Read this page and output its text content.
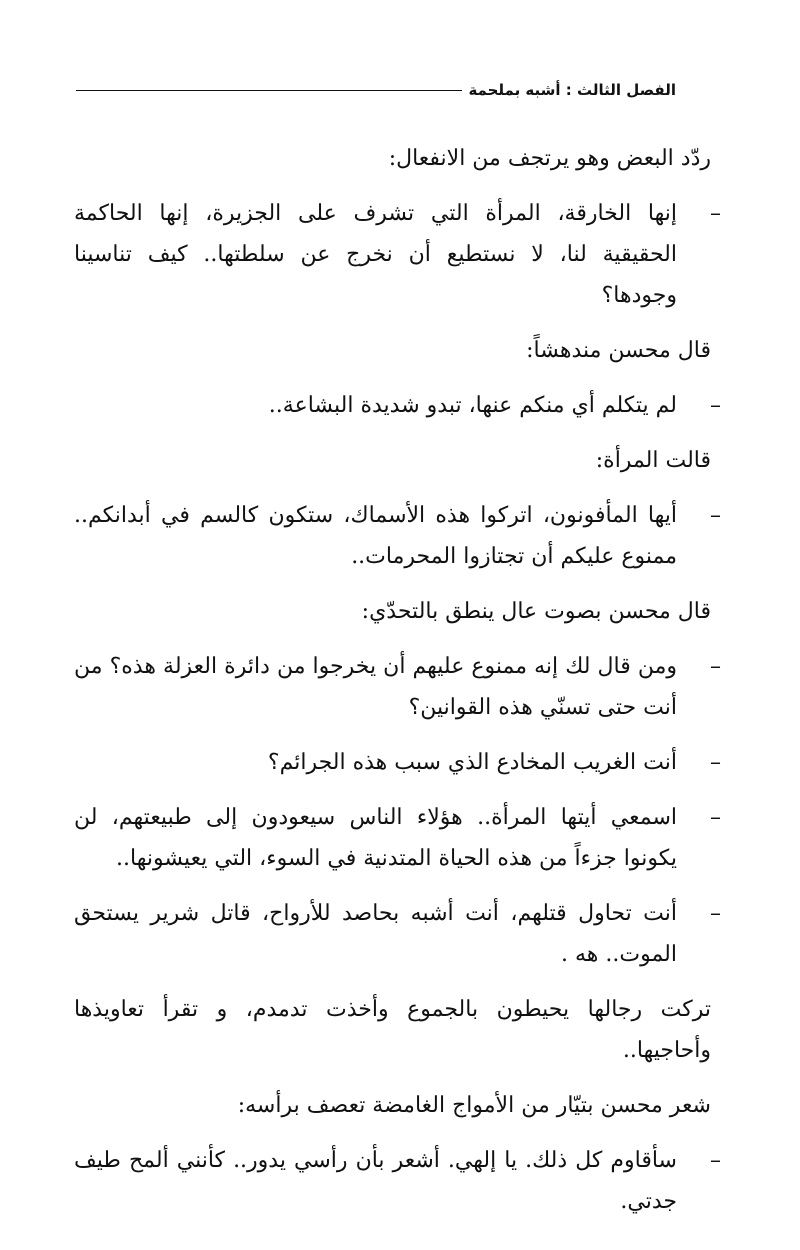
الفصل الثالث : أشبه بملحمة

ردّد البعض وهو يرتجف من الانفعال:

–
إنها الخارقة، المرأة التي تشرف على الجزيرة، إنها الحاكمة الحقيقية لنا، لا نستطيع أن نخرج عن سلطتها.. كيف تناسينا وجودها؟

قال محسن مندهشاً:

–
لم يتكلم أي منكم عنها، تبدو شديدة البشاعة..

قالت المرأة:

–
أيها المأفونون، اتركوا هذه الأسماك، ستكون كالسم في أبدانكم.. ممنوع عليكم أن تجتازوا المحرمات..

قال محسن بصوت عال ينطق بالتحدّي:

–
ومن قال لك إنه ممنوع عليهم أن يخرجوا من دائرة العزلة هذه؟ من أنت حتى تسنّي هذه القوانين؟
–
أنت الغريب المخادع الذي سبب هذه الجرائم؟
–
اسمعي أيتها المرأة.. هؤلاء الناس سيعودون إلى طبيعتهم، لن يكونوا جزءاً من هذه الحياة المتدنية في السوء، التي يعيشونها..
–
أنت تحاول قتلهم، أنت أشبه بحاصد للأرواح، قاتل شرير يستحق الموت.. هه .

تركت رجالها يحيطون بالجموع وأخذت تدمدم، و تقرأ تعاويذها وأحاجيها..

شعر محسن بتيّار من الأمواج الغامضة تعصف برأسه:

–
سأقاوم كل ذلك. يا إلهي. أشعر بأن رأسي يدور.. كأنني ألمح طيف جدتي.
